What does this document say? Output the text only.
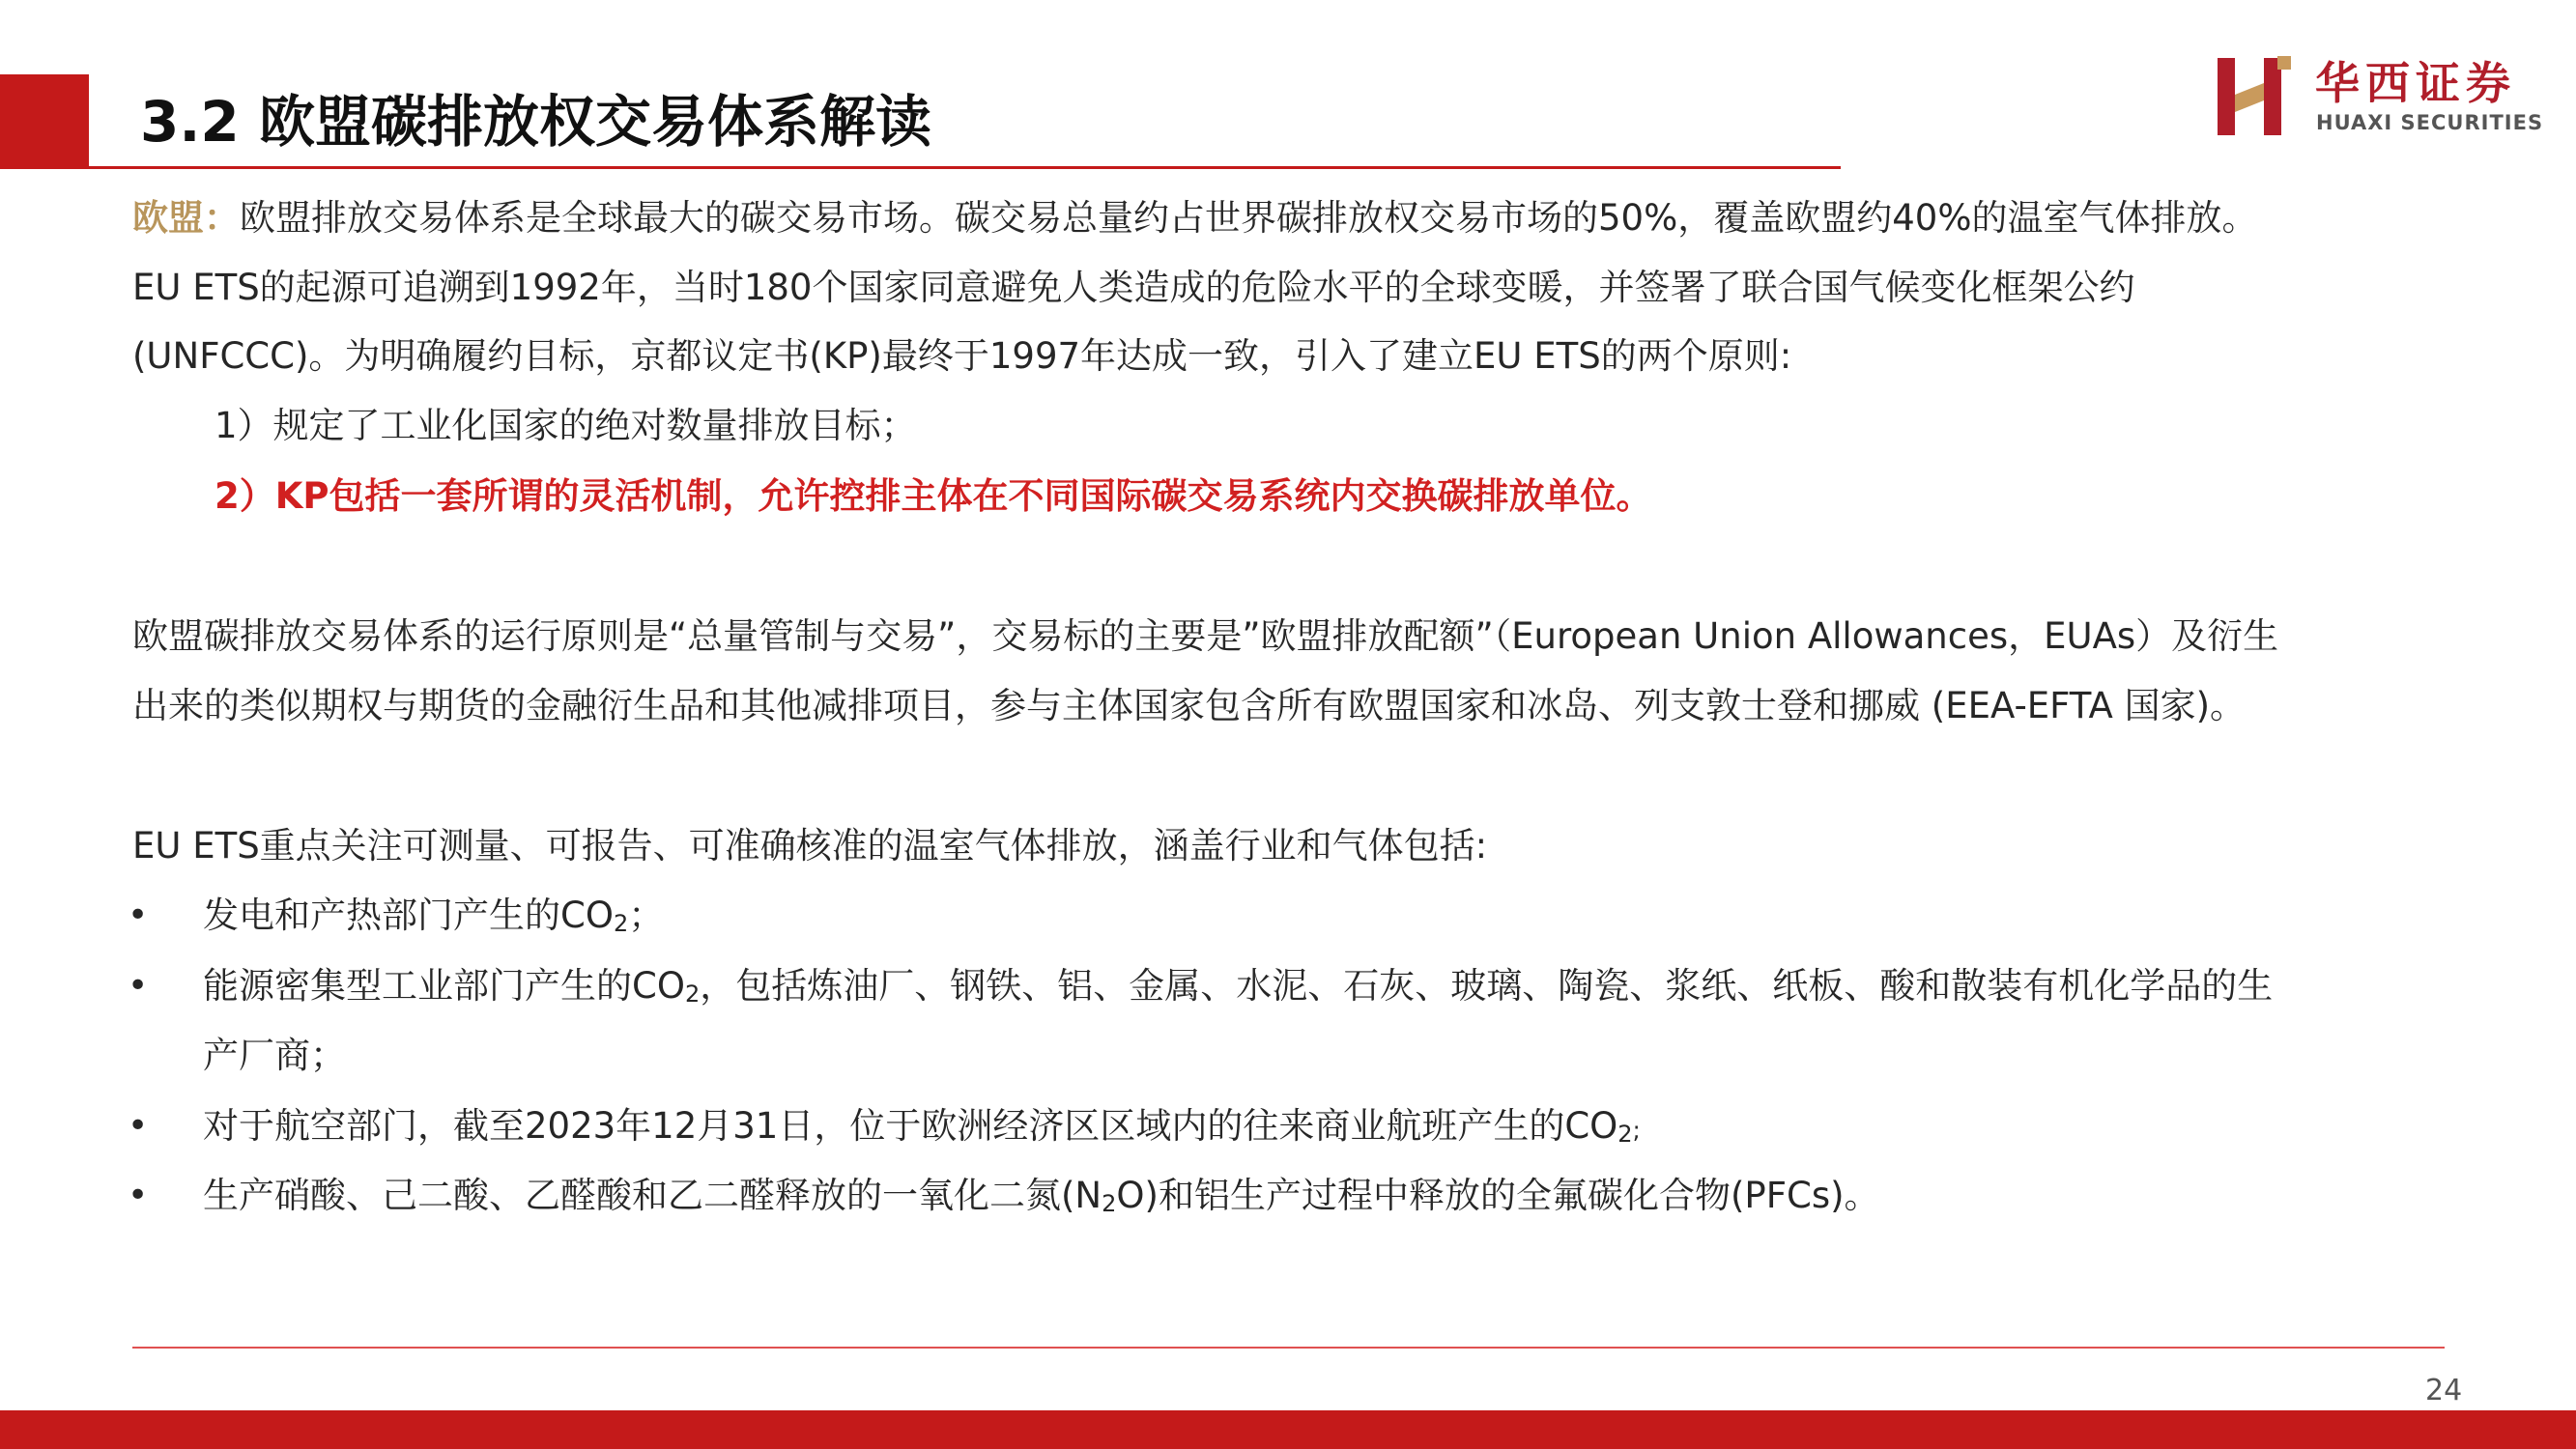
3.2 欧盟碳排放权交易体系解读
华西证券
HUAXI SECURITIES
欧盟：欧盟排放交易体系是全球最大的碳交易市场。碳交易总量约占世界碳排放权交易市场的50%，覆盖欧盟约40%的温室气体排放。
EU ETS的起源可追溯到1992年，当时180个国家同意避免人类造成的危险水平的全球变暖，并签署了联合国气候变化框架公约
(UNFCCC)。为明确履约目标，京都议定书(KP)最终于1997年达成一致，引入了建立EU ETS的两个原则:
1）规定了工业化国家的绝对数量排放目标；
2）KP包括一套所谓的灵活机制，允许控排主体在不同国际碳交易系统内交换碳排放单位。
欧盟碳排放交易体系的运行原则是“总量管制与交易”，交易标的主要是”欧盟排放配额”（European Union Allowances，EUAs）及衍生
出来的类似期权与期货的金融衍生品和其他减排项目，参与主体国家包含所有欧盟国家和冰岛、列支敦士登和挪威 (EEA-EFTA 国家)。
EU ETS重点关注可测量、可报告、可准确核准的温室气体排放，涵盖行业和气体包括:
• 发电和产热部门产生的$CO_2$；
• 能源密集型工业部门产生的$CO_2$，包括炼油厂、钢铁、铝、金属、水泥、石灰、玻璃、陶瓷、浆纸、纸板、酸和散装有机化学品的生
产厂商；
• 对于航空部门，截至2023年12月31日，位于欧洲经济区区域内的往来商业航班产生的$CO_2$;
• 生产硝酸、己二酸、乙醛酸和乙二醛释放的一氧化二氮$(N_2O)$和铝生产过程中释放的全氟碳化合物(PFCs)。
24
